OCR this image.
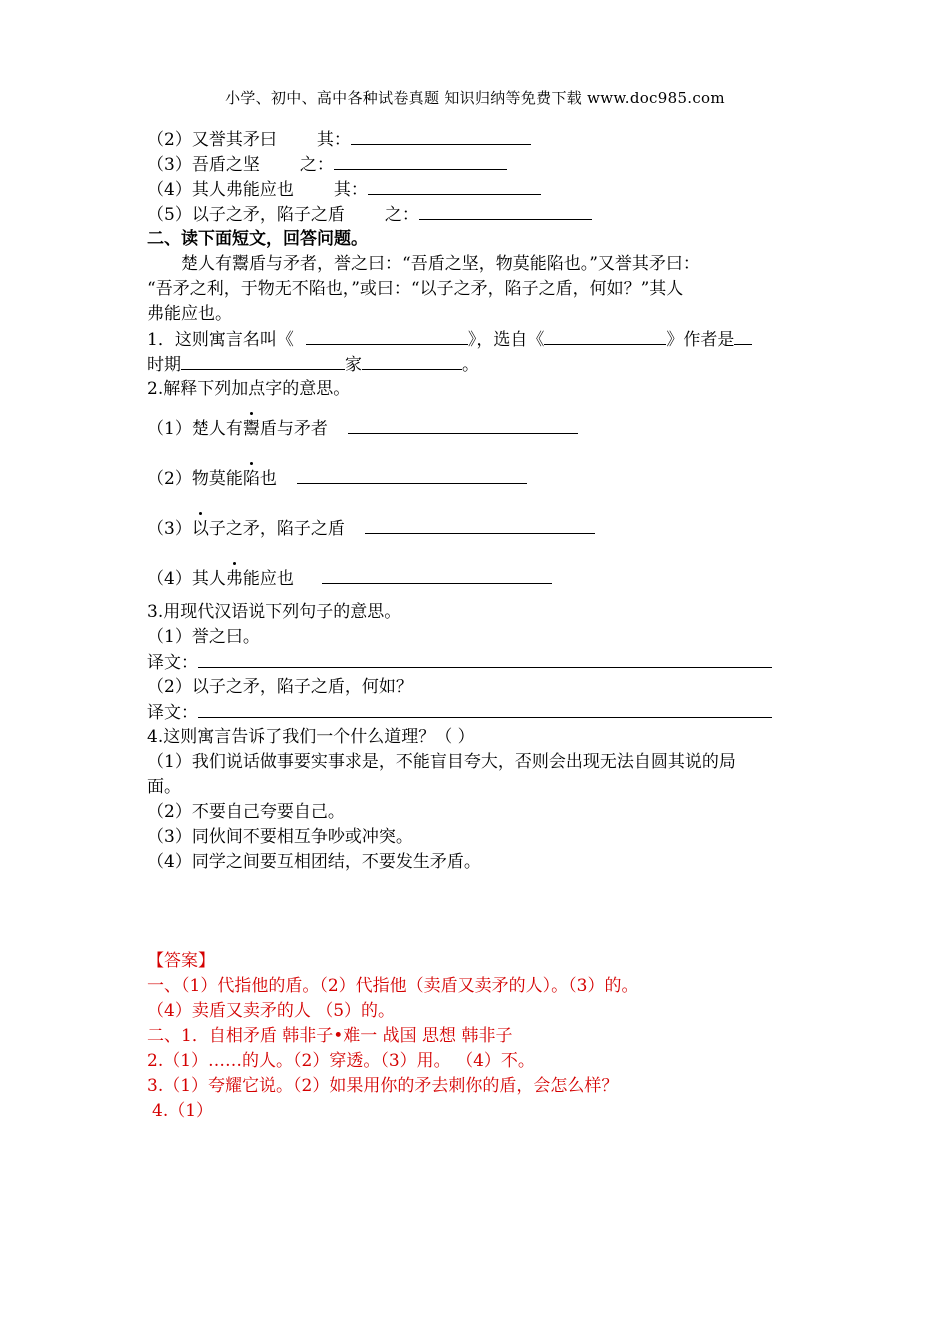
小学、初中、高中各种试卷真题 知识归纳等免费下载 www.doc985.com
（2）又誉其矛曰 其：
（3）吾盾之坚 之：
（4）其人弗能应也 其：
（5）以子之矛，陷子之盾 之：
二、读下面短文，回答问题。
楚人有鬻盾与矛者，誉之曰：“吾盾之坚，物莫能陷也。”又誉其矛曰：
“吾矛之利，于物无不陷也，”或曰：“以子之矛，陷子之盾，何如？”其人
弗能应也。
1．这则寓言名叫《	》，选自《	》作者是
时期	家	。
2.解释下列加点字的意思。
（1）楚人有鬻盾与矛者
（2）物莫能陷也
（3）以子之矛，陷子之盾
（4）其人弗能应也
3.用现代汉语说下列句子的意思。
（1）誉之曰。
译文：
（2）以子之矛，陷子之盾，何如？
译文：
4.这则寓言告诉了我们一个什么道理？（ ）
（1）我们说话做事要实事求是，不能盲目夸大，否则会出现无法自圆其说的局
面。
（2）不要自己夸要自己。
（3）同伙间不要相互争吵或冲突。
（4）同学之间要互相团结，不要发生矛盾。
【答案】
一、（1）代指他的盾。（2）代指他（卖盾又卖矛的人）。（3）的。
（4）卖盾又卖矛的人 （5）的。
二、1．自相矛盾 韩非子•难一 战国 思想 韩非子
2.（1）……的人。（2）穿透。（3）用。 （4）不。
3.（1）夸耀它说。（2）如果用你的矛去刺你的盾，会怎么样？
4.（1）
